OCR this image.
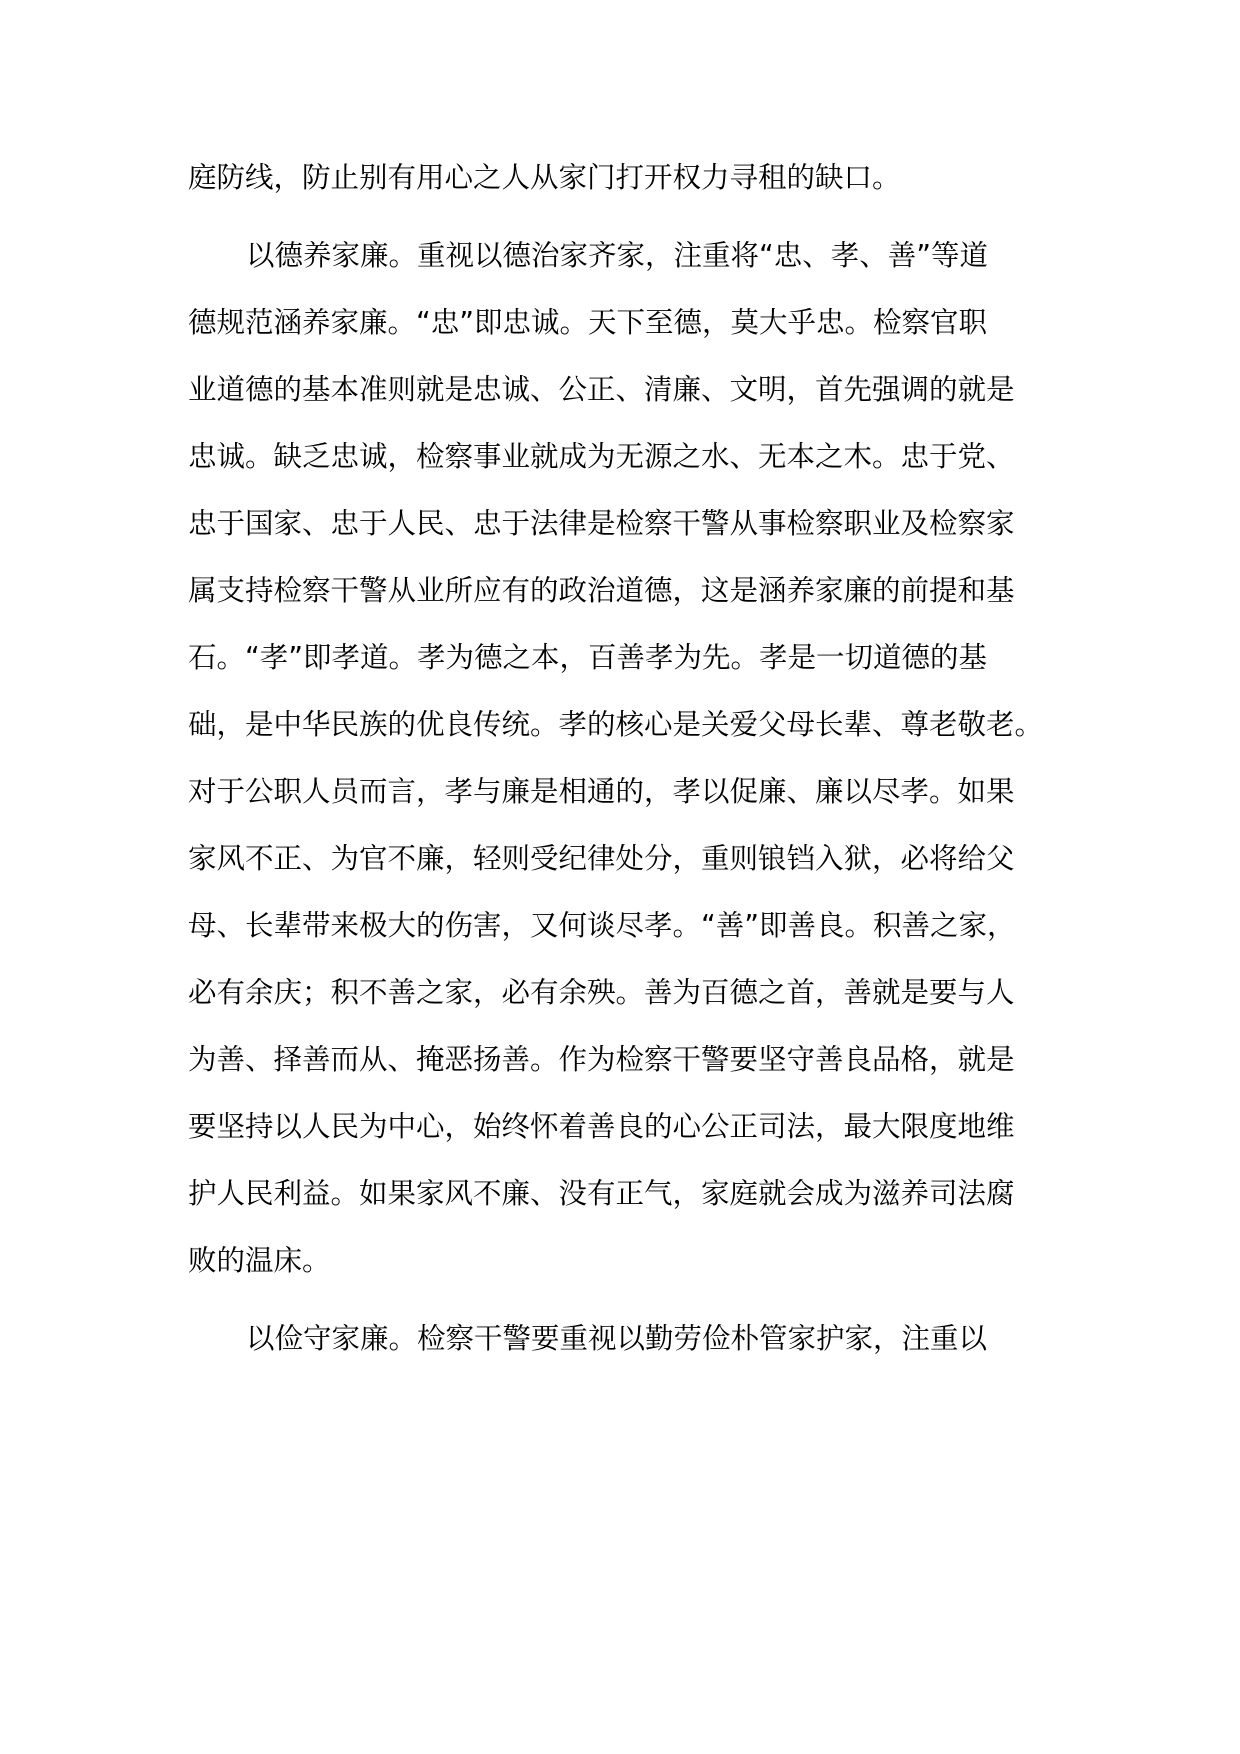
庭防线，防止别有用心之人从家门打开权力寻租的缺口。
以德养家廉。重视以德治家齐家，注重将“忠、孝、善”等道
德规范涵养家廉。“忠”即忠诚。天下至德，莫大乎忠。检察官职
业道德的基本准则就是忠诚、公正、清廉、文明，首先强调的就是
忠诚。缺乏忠诚，检察事业就成为无源之水、无本之木。忠于党、
忠于国家、忠于人民、忠于法律是检察干警从事检察职业及检察家
属支持检察干警从业所应有的政治道德，这是涵养家廉的前提和基
石。“孝”即孝道。孝为德之本，百善孝为先。孝是一切道德的基
础，是中华民族的优良传统。孝的核心是关爱父母长辈、尊老敬老。
对于公职人员而言，孝与廉是相通的，孝以促廉、廉以尽孝。如果
家风不正、为官不廉，轻则受纪律处分，重则锒铛入狱，必将给父
母、长辈带来极大的伤害，又何谈尽孝。“善”即善良。积善之家，
必有余庆；积不善之家，必有余殃。善为百德之首，善就是要与人
为善、择善而从、掩恶扬善。作为检察干警要坚守善良品格，就是
要坚持以人民为中心，始终怀着善良的心公正司法，最大限度地维
护人民利益。如果家风不廉、没有正气，家庭就会成为滋养司法腐
败的温床。
以俭守家廉。检察干警要重视以勤劳俭朴管家护家，注重以
